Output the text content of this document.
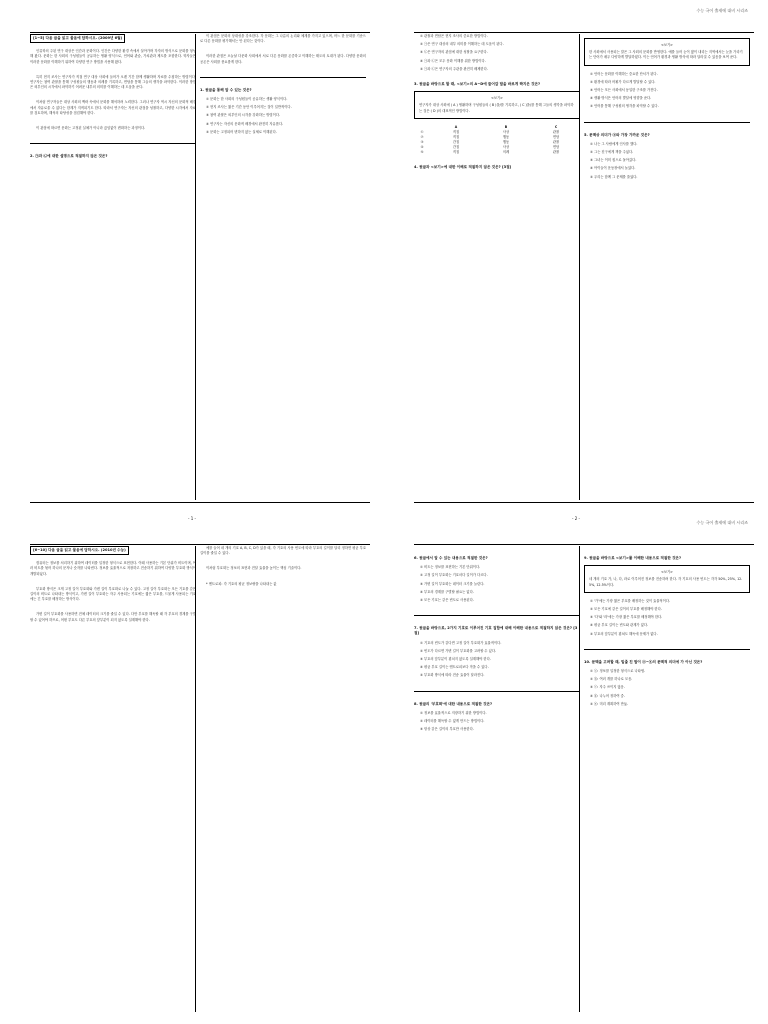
[1~5] 다음 글을 읽고 물음에 답하시오. (2009년 6월)

인류학의 주된 연구 대상은 인간과 문화이다. 인간은 다양한 환경 속에서 살아가며 각자의 방식으로 문화를 형성해 왔다. 문화는 한 사회의 구성원들이 공유하는 생활 양식으로, 언어와 관습, 가치관과 제도를 포함한다. 학자들은 이러한 문화를 이해하기 위하여 다양한 연구 방법을 사용해 왔다.

특히 현지 조사는 연구자가 직접 연구 대상 사회에 들어가 오랜 기간 함께 생활하며 자료를 수집하는 방법이다. 연구자는 참여 관찰을 통해 구성원들의 행동과 의례를 기록하고, 면담을 통해 그들의 생각을 파악한다. 이러한 방법은 외부인의 시각에서 파악하기 어려운 내부의 의미를 이해하는 데 도움을 준다.

이처럼 연구자들은 대상 사회의 맥락 속에서 문화를 해석하려 노력한다. 그러나 연구자 역시 자신의 문화적 배경에서 자유로울 수 없다는 한계가 지적되기도 한다. 따라서 연구자는 자신의 관점을 성찰하고, 다양한 시각에서 자료를 검토하며, 해석의 타당성을 점검해야 한다.

이 관점에 따르면 문화는 고정된 실체가 아니라 끊임없이 변화하는 과정이다.

2. ㉠과 ㉡에 대한 설명으로 적절하지 않은 것은?

이 관점은 문화의 상대성을 강조한다. 각 문화는 그 나름의 논리와 체계를 가지고 있으며, 어느 한 문화를 기준으로 다른 문화를 평가해서는 안 된다는 것이다.

이러한 관점은 오늘날 다문화 사회에서 서로 다른 문화를 존중하고 이해하는 태도의 토대가 된다. 다양한 문화의 공존은 사회를 풍요롭게 한다.

1. 윗글을 통해 알 수 있는 것은?
① 문화는 한 사회의 구성원들이 공유하는 생활 양식이다.
② 현지 조사는 짧은 기간 동안 이루어지는 것이 일반적이다.
③ 참여 관찰은 외부인의 시각을 강화하는 방법이다.
④ 연구자는 자신의 문화적 배경에서 완전히 자유롭다.
⑤ 문화는 고정되어 변하지 않는 실체로 이해된다.
수능 국어 출제에 대비 시리즈
① 관찰과 면담은 현지 조사의 중요한 방법이다.
② ㉠은 연구 대상의 내부 의미를 이해하는 데 도움이 된다.
③ ㉡은 연구자의 관점에 대한 성찰을 요구한다.
④ ㉠과 ㉡은 모두 문화 이해를 위한 방법이다.
⑤ ㉠과 ㉡은 연구자의 주관을 완전히 배제한다.
3. 윗글을 바탕으로 할 때, <보기>의 A~D에 들어갈 말을 바르게 짝지은 것은?
<보기>
연구자가 대상 사회에 ( A ) 생활하며 구성원들의 ( B )을/를 기록하고, ( C )을/를 통해 그들의 생각을 파악하는 것은 ( D )의 대표적인 방법이다.
A	B	C
①	직접	사상	관찰
②	직접	행동	면담
③	간접	행동	관찰
④	간접	사상	면담
⑤	직접	의례	관찰
4. 윗글과 <보기>에 대한 이해로 적절하지 않은 것은? [3점]
<보기>
한 사회에서 사용되는 말은 그 사회의 문화를 반영한다. 예를 들어 눈이 많이 내리는 지역에서는 눈을 가리키는 단어가 매우 다양하게 발달하였다. 이는 언어가 환경과 생활 방식에 따라 달라질 수 있음을 보여 준다.
① 언어는 문화를 이해하는 중요한 단서가 된다.
② 환경에 따라 어휘가 다르게 발달할 수 있다.
③ 언어는 모든 사회에서 동일한 구조를 가진다.
④ 생활 방식은 언어의 발달에 영향을 준다.
⑤ 언어를 통해 구성원의 생각을 파악할 수 있다.
5. 문맥상 의미가 ⓐ와 가장 가까운 것은?
① 나는 그 사람에게 인사를 했다.
② 그는 친구에게 책을 주었다.
③ 그녀는 이미 집으로 돌아갔다.
④ 아이들이 운동장에서 놀았다.
⑤ 우리는 함께 그 문제를 풀었다.
[6~10] 다음 글을 읽고 물음에 답하시오. (2010년 수능)

컴퓨터는 정보를 처리하기 위하여 데이터를 일정한 형식으로 표현한다. 이때 사용하는 기본 단위가 비트이며, 여러 비트를 묶어 하나의 문자나 숫자를 나타낸다. 정보를 효율적으로 저장하고 전송하기 위하여 다양한 부호화 방식이 개발되었다.

부호화 방식은 크게 고정 길이 부호화와 가변 길이 부호화로 나눌 수 있다. 고정 길이 부호화는 모든 기호를 같은 길이의 비트로 나타내는 방식이고, 가변 길이 부호화는 자주 사용되는 기호에는 짧은 부호를, 드물게 사용되는 기호에는 긴 부호를 배정하는 방식이다.

가변 길이 부호화를 사용하면 전체 데이터의 크기를 줄일 수 있다. 다만 부호를 해독할 때 각 부호의 경계를 구별할 수 있어야 하므로, 어떤 부호도 다른 부호의 앞부분이 되지 않도록 설계해야 한다.

예를 들어 네 개의 기호 A, B, C, D가 있을 때, 각 기호의 사용 빈도에 따라 부호의 길이를 달리 정하면 평균 부호 길이를 줄일 수 있다.

이처럼 부호화는 정보의 표현과 전달 효율을 높이는 핵심 기술이다.

* 엔트로피: 각 기호의 평균 정보량을 나타내는 값
수능 국어 출제에 대비 시리즈
6. 윗글에서 알 수 있는 내용으로 적절한 것은?
① 비트는 정보를 표현하는 기본 단위이다.
② 고정 길이 부호화는 기호마다 길이가 다르다.
③ 가변 길이 부호화는 데이터 크기를 늘린다.
④ 부호의 경계를 구별할 필요는 없다.
⑤ 모든 기호는 같은 빈도로 사용된다.
7. 윗글을 바탕으로, 2가지 기호로 이루어진 기호 집합에 대해 이해한 내용으로 적절하지 않은 것은? [3점]
① 기호의 빈도가 같다면 고정 길이 부호화가 효율적이다.
② 빈도가 다르면 가변 길이 부호화를 고려할 수 있다.
③ 부호의 앞부분이 겹치지 않도록 설계해야 한다.
④ 평균 부호 길이는 엔트로피보다 작을 수 있다.
⑤ 부호화 방식에 따라 전송 효율이 달라진다.
8. 윗글의 '부호화'에 대한 내용으로 적절한 것은?
① 정보를 효율적으로 저장하기 위한 방법이다.
② 데이터를 해독할 수 없게 만드는 방법이다.
③ 항상 같은 길이의 부호만 사용한다.
9. 윗글을 바탕으로 <보기>를 이해한 내용으로 적절한 것은?
<보기>
네 개의 기호 가, 나, 다, 라로 이루어진 정보를 전송하려 한다. 각 기호의 사용 빈도는 각각 50%, 25%, 12.5%, 12.5%이다.
① '가'에는 가장 짧은 부호를 배정하는 것이 효율적이다.
② 모든 기호에 같은 길이의 부호를 배정해야 한다.
③ '다'와 '라'에는 가장 짧은 부호를 배정해야 한다.
④ 평균 부호 길이는 빈도와 관계가 없다.
⑤ 부호의 앞부분이 겹쳐도 해독에 문제가 없다.
10. 문맥을 고려할 때, 밑줄 친 말이 ⓐ~ⓔ의 문맥적 의미에 가 아닌 것은?
① ⓐ: 정보를 일정한 형식으로 나타냄.
② ⓑ: 여러 개를 하나로 모음.
③ ⓒ: 자주 쓰이지 않음.
④ ⓓ: 나누어 정하여 줌.
⑤ ⓔ: 미리 계획하여 만듦.
- 1 -	- 2 -
